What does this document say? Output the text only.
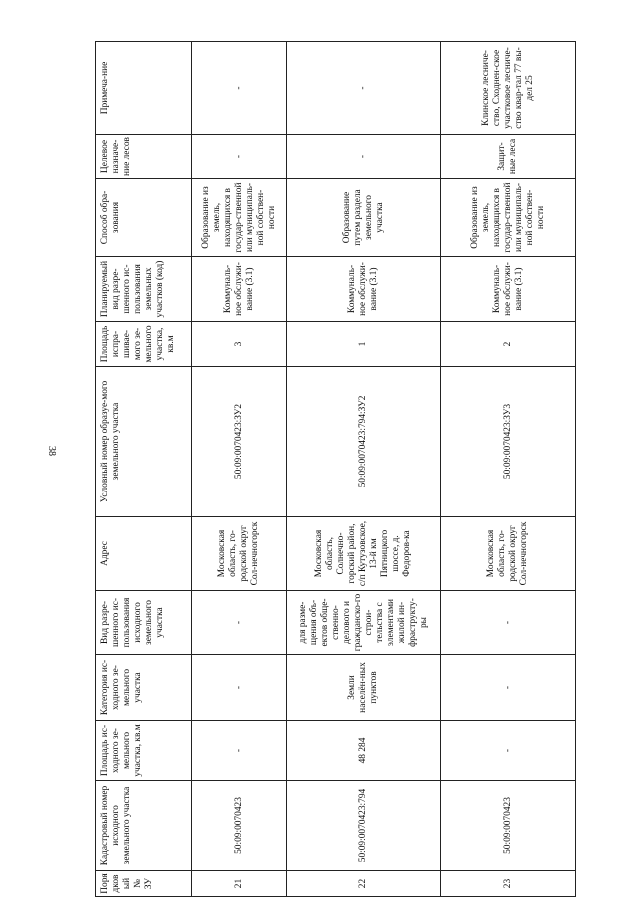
38
Порядковый № ЗУ	Кадастровый номер исходного земельного участка	Площадь ис-ходного зе-мельного участка, кв.м	Категория ис-ходного зе-мельного участка	Вид разре-шенного ис-пользования исходного земельного участка	Адрес	Условный номер образуе-мого земельного участка	Площадь испра-шивае-мого зе-мельного участка, кв.м	Планируемый вид разре-шенного ис-пользования земельных участков (код)	Способ обра-зования	Целевое назначе-ние лесов	Примеча-ние
21	50:09:0070423	-	-	-	Московская область, го-родской округ Сол-нечногорск	50:09:0070423:ЗУ2	3	Коммуналь-ное обслужи-вание (3.1)	Образование из земель, находящихся в государ-ственной или муниципаль-ной собствен-ности	-	-
22	50:09:0070423:794	48 284	Земли населён-ных пунктов	для разме-щения объ-ектов обще-ственно-делового и гражданско-го строи-тельства с элементами жилой ин-фраструкту-ры	Московская область, Солнечно-горский район, с/п Кутузовское, 13-й км Пятницкого шоссе, д. Федоров-ка	50:09:0070423:794:ЗУ2	1	Коммуналь-ное обслужи-вание (3.1)	Образование путем раздела земельного участка	-	-
23	50:09:0070423	-	-	-	Московская область, го-родской округ Сол-нечногорск	50:09:0070423:ЗУ3	2	Коммуналь-ное обслужи-вание (3.1)	Образование из земель, находящихся в государ-ственной или муниципаль-ной собствен-ности	Защит-ные леса	Клинское лесниче-ство, Сходнен-ское участковое лесниче-ство квар-тал 77 вы-дел 25
